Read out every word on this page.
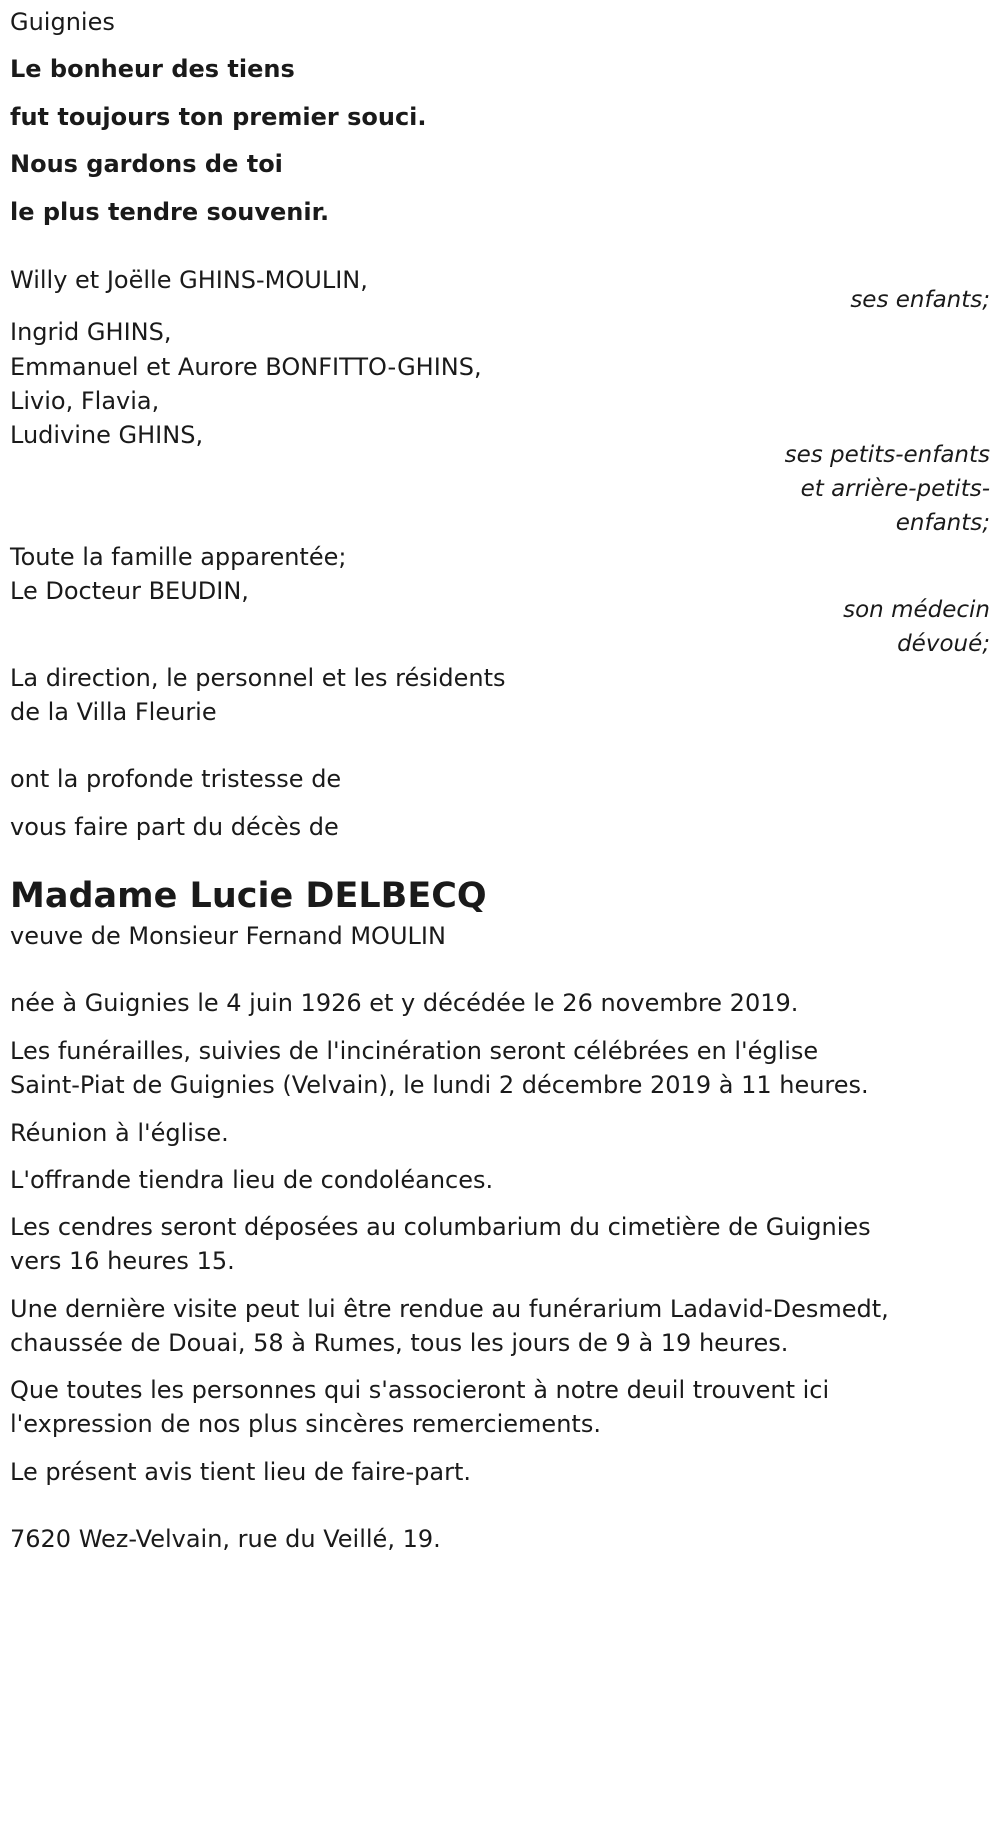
Guignies
Le bonheur des tiens
fut toujours ton premier souci.
Nous gardons de toi
le plus tendre souvenir.
Willy et Joëlle GHINS-MOULIN,
ses enfants;
Ingrid GHINS,
Emmanuel et Aurore BONFITTO-GHINS,
Livio, Flavia,
Ludivine GHINS,
ses petits-enfants
et arrière-petits-
enfants;
Toute la famille apparentée;
Le Docteur BEUDIN,
son médecin
dévoué;
La direction, le personnel et les résidents
de la Villa Fleurie
ont la profonde tristesse de
vous faire part du décès de
Madame Lucie DELBECQ
veuve de Monsieur Fernand MOULIN
née à Guignies le 4 juin 1926 et y décédée le 26 novembre 2019.
Les funérailles, suivies de l'incinération seront célébrées en l'église
Saint-Piat de Guignies (Velvain), le lundi 2 décembre 2019 à 11 heures.
Réunion à l'église.
L'offrande tiendra lieu de condoléances.
Les cendres seront déposées au columbarium du cimetière de Guignies
vers 16 heures 15.
Une dernière visite peut lui être rendue au funérarium Ladavid-Desmedt,
chaussée de Douai, 58 à Rumes, tous les jours de 9 à 19 heures.
Que toutes les personnes qui s'associeront à notre deuil trouvent ici
l'expression de nos plus sincères remerciements.
Le présent avis tient lieu de faire-part.
7620 Wez-Velvain, rue du Veillé, 19.
